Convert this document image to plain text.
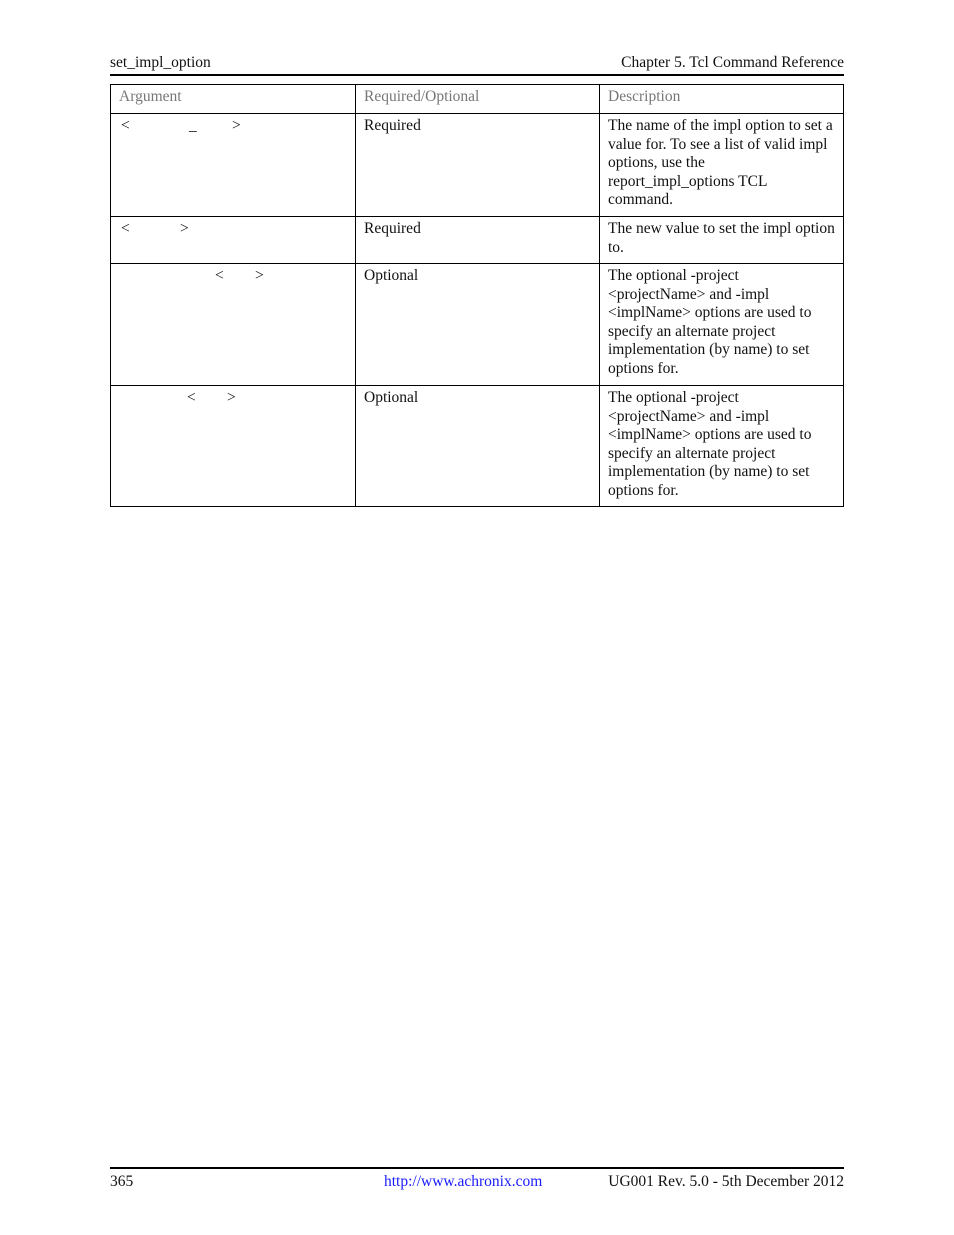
set_impl_option	Chapter 5. Tcl Command Reference
Argument	Required/Optional	Description

< _ >	Required	The name of the impl option to set a value for. To see a list of valid impl options, use the report_impl_options TCL command.

< >	Required	The new value to set the impl option to.

< >	Optional	The optional -project <projectName> and -impl <implName> options are used to specify an alternate project implementation (by name) to set options for.

< >	Optional	The optional -project <projectName> and -impl <implName> options are used to specify an alternate project implementation (by name) to set options for.
365	http://www.achronix.com	UG001 Rev. 5.0 - 5th December 2012
